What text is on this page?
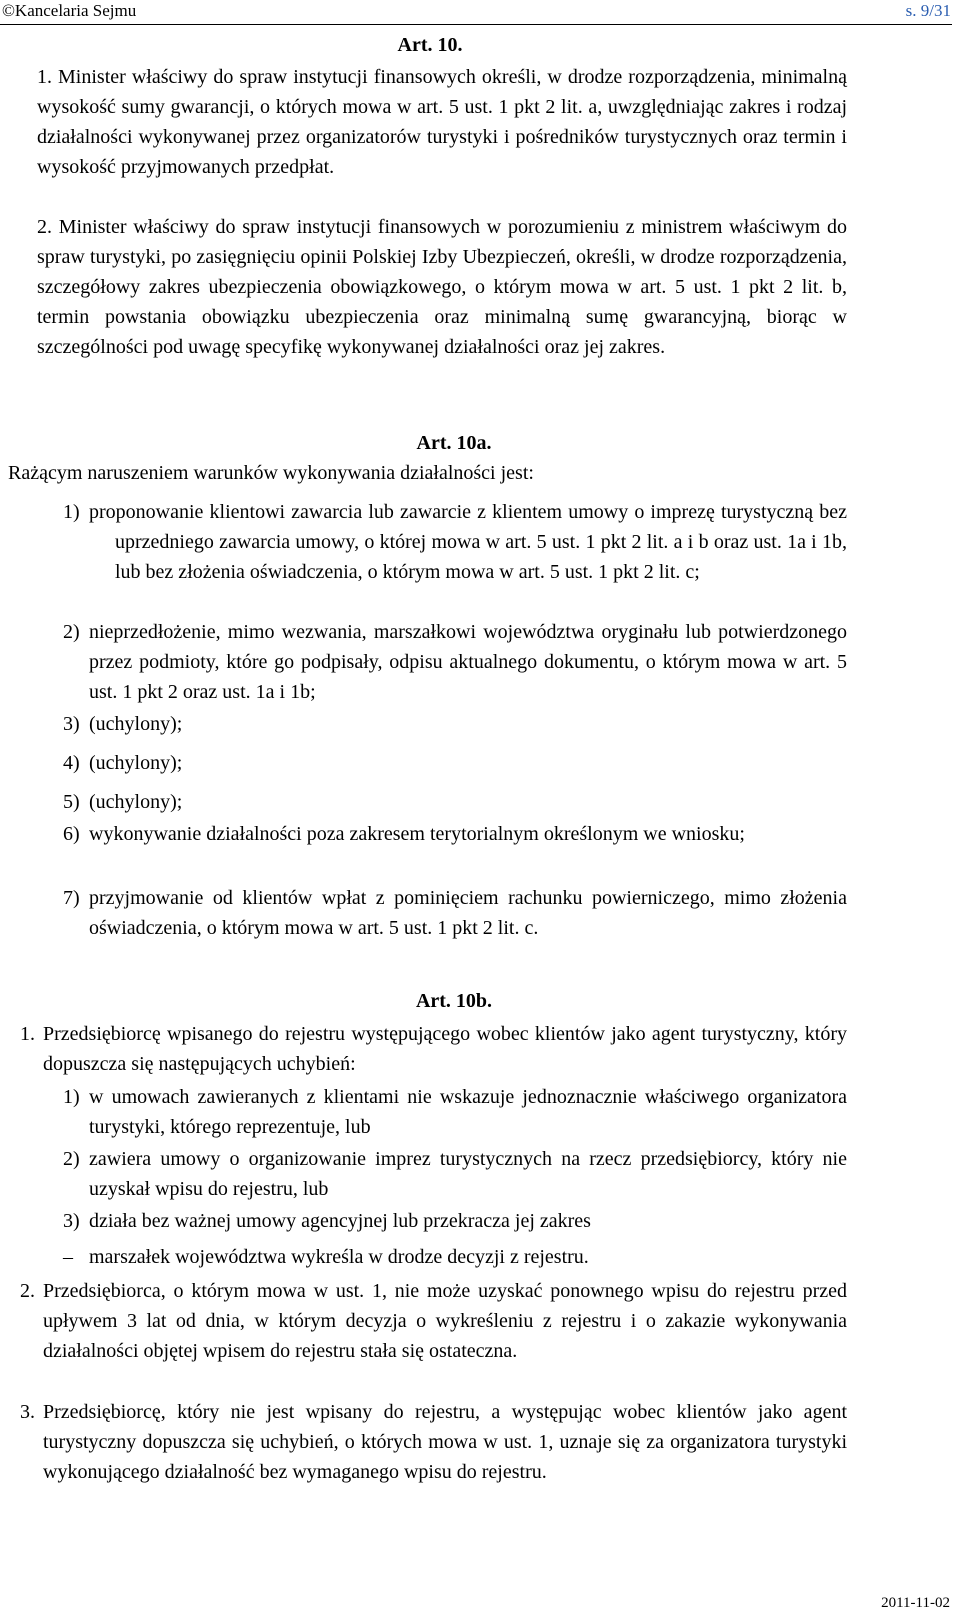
©Kancelaria Sejmu	s. 9/31
Art. 10.
1. Minister właściwy do spraw instytucji finansowych określi, w drodze rozporządzenia, minimalną wysokość sumy gwarancji, o których mowa w art. 5 ust. 1 pkt 2 lit. a, uwzględniając zakres i rodzaj działalności wykonywanej przez organizatorów turystyki i pośredników turystycznych oraz termin i wysokość przyjmowanych przedpłat.
2. Minister właściwy do spraw instytucji finansowych w porozumieniu z ministrem właściwym do spraw turystyki, po zasięgnięciu opinii Polskiej Izby Ubezpieczeń, określi, w drodze rozporządzenia, szczegółowy zakres ubezpieczenia obowiązkowego, o którym mowa w art. 5 ust. 1 pkt 2 lit. b, termin powstania obowiązku ubezpieczenia oraz minimalną sumę gwarancyjną, biorąc w szczególności pod uwagę specyfikę wykonywanej działalności oraz jej zakres.
Art. 10a.
Rażącym naruszeniem warunków wykonywania działalności jest:
1) proponowanie klientowi zawarcia lub zawarcie z klientem umowy o imprezę turystyczną bez uprzedniego zawarcia umowy, o której mowa w art. 5 ust. 1 pkt 2 lit. a i b oraz ust. 1a i 1b, lub bez złożenia oświadczenia, o którym mowa w art. 5 ust. 1 pkt 2 lit. c;
2) nieprzedłożenie, mimo wezwania, marszałkowi województwa oryginału lub potwierdzonego przez podmioty, które go podpisały, odpisu aktualnego dokumentu, o którym mowa w art. 5 ust. 1 pkt 2 oraz ust. 1a i 1b;
3) (uchylony);
4) (uchylony);
5) (uchylony);
6) wykonywanie działalności poza zakresem terytorialnym określonym we wniosku;
7) przyjmowanie od klientów wpłat z pominięciem rachunku powierniczego, mimo złożenia oświadczenia, o którym mowa w art. 5 ust. 1 pkt 2 lit. c.
Art. 10b.
1. Przedsiębiorcę wpisanego do rejestru występującego wobec klientów jako agent turystyczny, który dopuszcza się następujących uchybień:
1) w umowach zawieranych z klientami nie wskazuje jednoznacznie właściwego organizatora turystyki, którego reprezentuje, lub
2) zawiera umowy o organizowanie imprez turystycznych na rzecz przedsiębiorcy, który nie uzyskał wpisu do rejestru, lub
3) działa bez ważnej umowy agencyjnej lub przekracza jej zakres
– marszałek województwa wykreśla w drodze decyzji z rejestru.
2. Przedsiębiorca, o którym mowa w ust. 1, nie może uzyskać ponownego wpisu do rejestru przed upływem 3 lat od dnia, w którym decyzja o wykreśleniu z rejestru i o zakazie wykonywania działalności objętej wpisem do rejestru stała się ostateczna.
3. Przedsiębiorcę, który nie jest wpisany do rejestru, a występując wobec klientów jako agent turystyczny dopuszcza się uchybień, o których mowa w ust. 1, uznaje się za organizatora turystyki wykonującego działalność bez wymaganego wpisu do rejestru.
2011-11-02
